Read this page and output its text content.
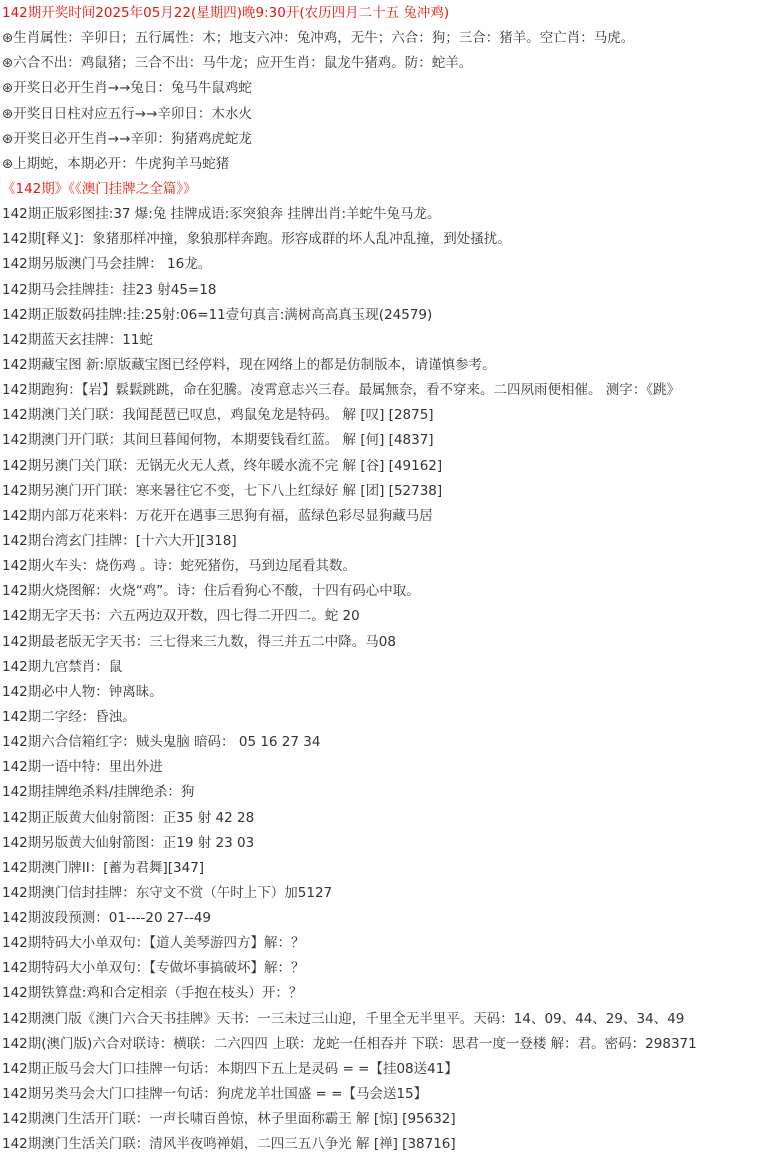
142期开奖时间2025年05月22(星期四)晚9:30开(农历四月二十五 兔冲鸡)
⊛生肖属性：辛卯日；五行属性：木；地支六冲：兔冲鸡，无牛；六合：狗；三合：猪羊。空亡肖：马虎。
⊛六合不出：鸡鼠猪；三合不出：马牛龙；应开生肖：鼠龙牛猪鸡。防：蛇羊。
⊛开奖日必开生肖→→兔日：兔马牛鼠鸡蛇
⊛开奖日日柱对应五行→→辛卯日：木水火
⊛开奖日必开生肖→→辛卯：狗猪鸡虎蛇龙
⊛上期蛇，本期必开：牛虎狗羊马蛇猪
《142期》《《澳门挂牌之全篇》》
142期正版彩图挂:37 爆:兔 挂牌成语:豕突狼奔 挂牌出肖:羊蛇牛兔马龙。
142期[释义]：象猪那样冲撞，象狼那样奔跑。形容成群的坏人乱冲乱撞，到处搔扰。
142期另版澳门马会挂牌： 16龙。
142期马会挂牌挂：挂23 射45=18
142期正版数码挂牌:挂:25射:06=11壹句真言:满树高高真玉现(24579)
142期蓝天玄挂牌：11蛇
142期藏宝图 新:原版藏宝图已经停料，现在网络上的都是仿制版本，请谨慎参考。
142期跑狗：【岩】鬏鬏跳跳，命在犯騰。凌霄意志兴三春。最属無奈，看不穿来。二四夙雨便相催。 测字：《跳》
142期澳门关门联：我闻琵琶已叹息，鸡鼠兔龙是特码。 解 [叹] [2875]
142期澳门开门联：其间旦暮闻何物，本期要钱看红蓝。 解 [何] [4837]
142期另澳门关门联：无锅无火无人煮，终年暖水流不完 解 [谷] [49162]
142期另澳门开门联：寒来暑往它不变，七下八上红绿好 解 [团] [52738]
142期内部万花来料：万花开在遇事三思狗有福，蓝绿色彩尽显狗藏马居
142期台湾玄门挂牌：[十六大开][318]
142期火车头：烧伤鸡 。诗：蛇死猪伤，马到边尾看其数。
142期火烧图解：火烧“鸡”。诗：住后看狗心不酸，十四有码心中取。
142期无字天书：六五两边双开数，四七得二开四二。蛇 20
142期最老版无字天书：三七得来三九数，得三并五二中降。马08
142期九宫禁肖：鼠
142期必中人物：钟离昧。
142期二字经：昏浊。
142期六合信箱红字：贼头鬼脑 暗码： 05 16 27 34
142期一语中特：里出外进
142期挂牌绝杀料/挂牌绝杀：狗
142期正版黄大仙射箭图：正35 射 42 28
142期另版黄大仙射箭图：正19 射 23 03
142期澳门牌II：[蓄为君舞][347]
142期澳门信封挂牌：东守文不赏（午时上下）加5127
142期波段预测：01----20 27--49
142期特码大小单双句：【道人美琴游四方】解：？
142期特码大小单双句：【专做坏事搞破坏】解：？
142期铁算盘:鸡和合定相亲（手抱在枝头）开：？
142期澳门版《澳门六合天书挂牌》天书：一三未过三山迎，千里全无半里平。天码：14、09、44、29、34、49
142期(澳门版)六合对联诗：横联：二六四四 上联：龙蛇一任相吞并 下联：思君一度一登楼 解：君。密码：298371
142期正版马会大门口挂牌一句话：本期四下五上是灵码 = =【挂08送41】
142期另类马会大门口挂牌一句话：狗虎龙羊壮国盛 = =【马会送15】
142期澳门生活开门联：一声长啸百兽惊，林子里面称霸王 解 [惊] [95632]
142期澳门生活关门联：清风半夜鸣禅娟，二四三五八争光 解 [禅] [38716]
